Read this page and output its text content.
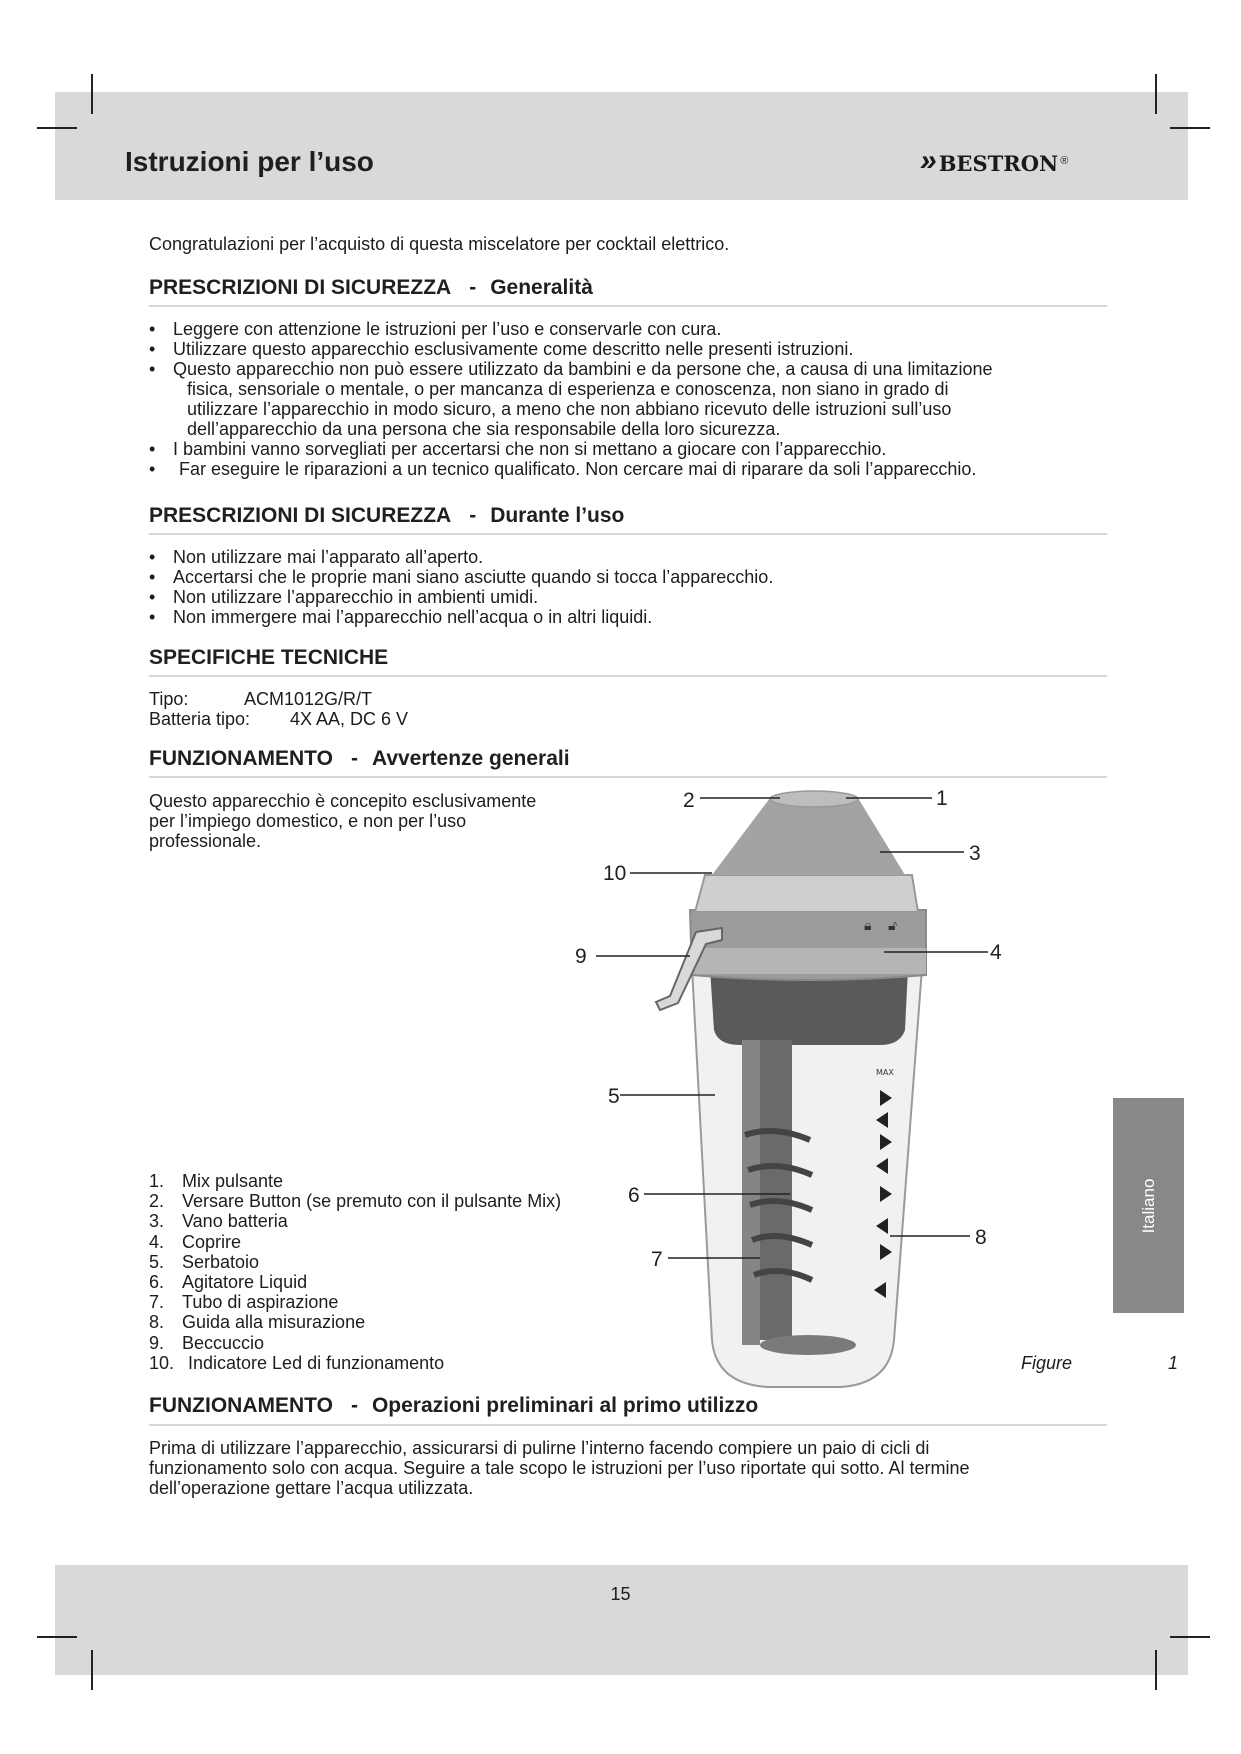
Istruzioni per l’uso	» bestron ®
Congratulazioni per l’acquisto di questa miscelatore per cocktail elettrico.
PRESCRIZIONI DI SICUREZZA - Generalità
• Leggere con attenzione le istruzioni per l’uso e conservarle con cura.
• Utilizzare questo apparecchio esclusivamente come descritto nelle presenti istruzioni.
• Questo apparecchio non può essere utilizzato da bambini e da persone che, a causa di una limitazione
fisica, sensoriale o mentale, o per mancanza di esperienza e conoscenza, non siano in grado di
utilizzare l’apparecchio in modo sicuro, a meno che non abbiano ricevuto delle istruzioni sull’uso
dell’apparecchio da una persona che sia responsabile della loro sicurezza.
• I bambini vanno sorvegliati per accertarsi che non si mettano a giocare con l’apparecchio.
• Far eseguire le riparazioni a un tecnico qualificato. Non cercare mai di riparare da soli l’apparecchio.
PRESCRIZIONI DI SICUREZZA - Durante l’uso
• Non utilizzare mai l’apparato all’aperto.
• Accertarsi che le proprie mani siano asciutte quando si tocca l’apparecchio.
• Non utilizzare l’apparecchio in ambienti umidi.
• Non immergere mai l’apparecchio nell’acqua o in altri liquidi.
SPECIFICHE TECNICHE
Tipo:	ACM1012G/R/T
Batteria tipo: 4X AA, DC 6 V
FUNZIONAMENTO - Avvertenze generali
Questo apparecchio è concepito esclusivamente
per l’impiego domestico, e non per l’uso
professionale.
1. Mix pulsante
2. Versare Button (se premuto con il pulsante Mix)
3. Vano batteria
4. Coprire
5. Serbatoio
6. Agitatore Liquid
7. Tubo di aspirazione
8. Guida alla misurazione
9. Beccuccio
10. Indicatore Led di funzionamento
🔒︎ 🔓︎
MAX
1
2
3
4
5
6
7
8
9
10
Figure	1
FUNZIONAMENTO - Operazioni preliminari al primo utilizzo
Prima di utilizzare l’apparecchio, assicurarsi di pulirne l’interno facendo compiere un paio di cicli di
funzionamento solo con acqua. Seguire a tale scopo le istruzioni per l’uso riportate qui sotto. Al termine
dell’operazione gettare l’acqua utilizzata.
Italiano
15
